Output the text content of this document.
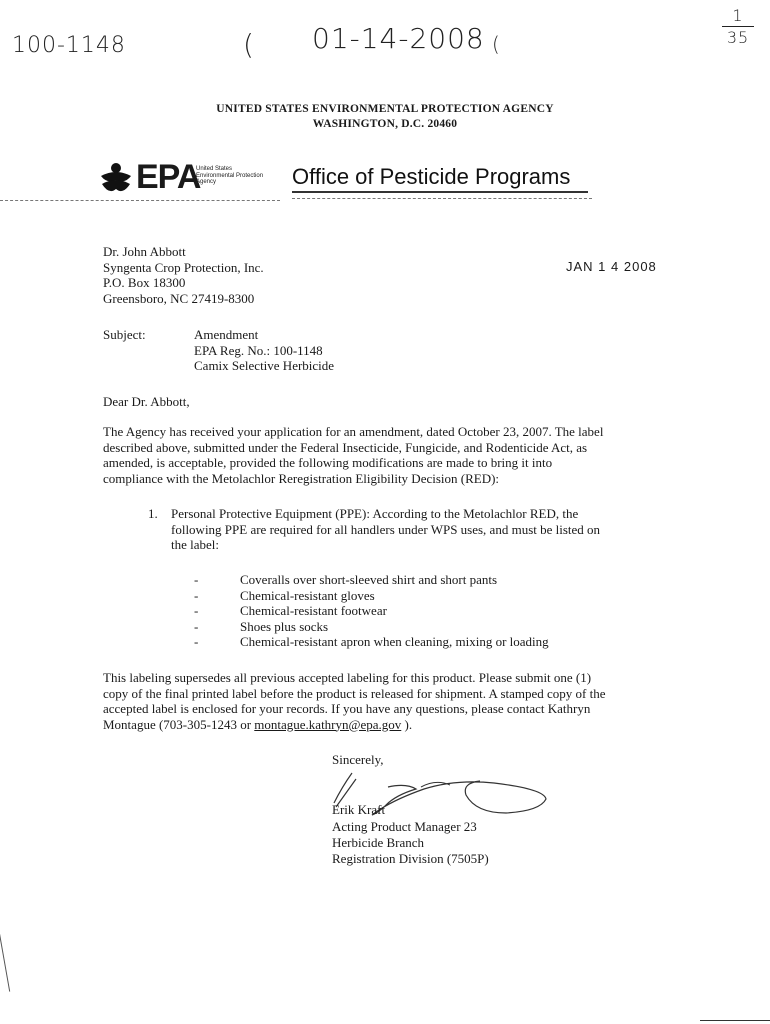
100-1148	( 01-14-2008 (
1
35
UNITED STATES ENVIRONMENTAL PROTECTION AGENCY
WASHINGTON, D.C. 20460
EPA
United States
Environmental Protection
Agency	Office of Pesticide Programs
Dr. John Abbott
Syngenta Crop Protection, Inc.
P.O. Box 18300
Greensboro, NC 27419-8300
JAN 1 4 2008
Subject:	Amendment
EPA Reg. No.: 100-1148
Camix Selective Herbicide
Dear Dr. Abbott,
The Agency has received your application for an amendment, dated October 23, 2007. The label
described above, submitted under the Federal Insecticide, Fungicide, and Rodenticide Act, as
amended, is acceptable, provided the following modifications are made to bring it into
compliance with the Metolachlor Reregistration Eligibility Decision (RED):
1. Personal Protective Equipment (PPE): According to the Metolachlor RED, the
following PPE are required for all handlers under WPS uses, and must be listed on
the label:
-
-
-
-
-
Coveralls over short-sleeved shirt and short pants
Chemical-resistant gloves
Chemical-resistant footwear
Shoes plus socks
Chemical-resistant apron when cleaning, mixing or loading
This labeling supersedes all previous accepted labeling for this product. Please submit one (1)
copy of the final printed label before the product is released for shipment. A stamped copy of the
accepted label is enclosed for your records. If you have any questions, please contact Kathryn
Montague (703-305-1243 or montague.kathryn@epa.gov ).
Sincerely,
Erik Kraft
Acting Product Manager 23
Herbicide Branch
Registration Division (7505P)
